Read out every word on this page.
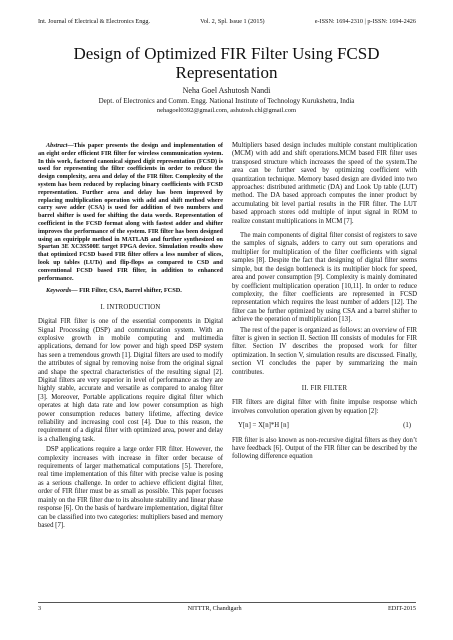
Int. Journal of Electrical & Electronics Engg.	Vol. 2, Spl. Issue 1 (2015)	e-ISSN: 1694-2310 | p-ISSN: 1694-2426
Design of Optimized FIR Filter Using FCSD Representation
Neha Goel Ashutosh Nandi
Dept. of Electronics and Comm. Engg. National Institute of Technology Kurukshetra, India
nehagoel0392@gmail.com, ashutosh.chl@gmail.com

Abstract—This paper presents the design and implementation of an eight order efficient FIR filter for wireless communication system. In this work, factored canonical signed digit representation (FCSD) is used for representing the filter coefficients in order to reduce the design complexity, area and delay of the FIR filter. Complexity of the system has been reduced by replacing binary coefficients with FCSD representation. Further area and delay has been improved by replacing multiplication operation with add and shift method where carry save adder (CSA) is used for addition of two numbers and barrel shifter is used for shifting the data words. Representation of coefficient in the FCSD format along with fastest adder and shifter improves the performance of the system. FIR filter has been designed using an equiripple method in MATLAB and further synthesized on Spartan 3E XC3S500E target FPGA device. Simulation results show that optimized FCSD based FIR filter offers a less number of slices, look up tables (LUTs) and flip-flops as compared to CSD and conventional FCSD based FIR filter, in addition to enhanced performance.

Keywords— FIR Filter, CSA, Barrel shifter, FCSD.

I. INTRODUCTION

Digital FIR filter is one of the essential components in Digital Signal Processing (DSP) and communication system. With an explosive growth in mobile computing and multimedia applications, demand for low power and high speed DSP system has seen a tremendous growth [1]. Digital filters are used to modify the attributes of signal by removing noise from the original signal and shape the spectral characteristics of the resulting signal [2]. Digital filters are very superior in level of performance as they are highly stable, accurate and versatile as compared to analog filter [3]. Moreover, Portable applications require digital filter which operates at high data rate and low power consumption as high power consumption reduces battery lifetime, affecting device reliability and increasing cool cost [4]. Due to this reason, the requirement of a digital filter with optimized area, power and delay is a challenging task.

DSP applications require a large order FIR filter. However, the complexity increases with increase in filter order because of requirements of larger mathematical computations [5]. Therefore, real time implementation of this filter with precise value is posing as a serious challenge. In order to achieve efficient digital filter, order of FIR filter must be as small as possible. This paper focuses mainly on the FIR filter due to its absolute stability and linear phase response [6]. On the basis of hardware implementation, digital filter can be classified into two categories: multipliers based and memory based [7].

Multipliers based design includes multiple constant multiplication (MCM) with add and shift operations.MCM based FIR filter uses transposed structure which increases the speed of the system.The area can be further saved by optimizing coefficient with quantization technique. Memory based design are divided into two approaches: distributed arithmetic (DA) and Look Up table (LUT) method. The DA based approach computes the inner product by accumulating bit level partial results in the FIR filter. The LUT based approach stores odd multiple of input signal in ROM to realize constant multiplications in MCM [7].

The main components of digital filter consist of registers to save the samples of signals, adders to carry out sum operations and multiplier for multiplication of the filter coefficients with signal samples [8]. Despite the fact that designing of digital filter seems simple, but the design bottleneck is its multiplier block for speed, area and power consumption [9]. Complexity is mainly dominated by coefficient multiplication operation [10,11]. In order to reduce complexity, the filter coefficients are represented in FCSD representation which requires the least number of adders [12]. The filter can be further optimized by using CSA and a barrel shifter to achieve the operation of multiplication [13].

The rest of the paper is organized as follows: an overview of FIR filter is given in section II. Section III consists of modules for FIR filter. Section IV describes the proposed work for filter optimization. In section V, simulation results are discussed. Finally, section VI concludes the paper by summarizing the main contributes.

II. FIR FILTER

FIR filters are digital filter with finite impulse response which involves convolution operation given by equation [2]:

Y[n] = X[n]*H [n]	(1)

FIR filter is also known as non-recursive digital filters as they don’t have feedback [6]. Output of the FIR filter can be described by the following difference equation

3	NITTTR, Chandigarh	EDIT-2015
